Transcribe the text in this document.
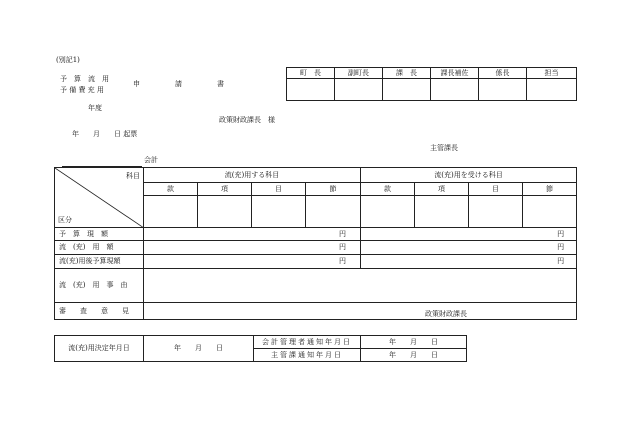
(別記1)
予　算　流　用
予 備 費 充 用
申	請	書
年度
政策財政課長　様
年　　月　　日 起票
主管課長
会計
町　長	副町長	課　長	課長補佐	係長	担当

科目
区分	流(充)用する科目				流(充)用を受ける科目			
	款	項	目	節	款	項	目	節

予　算　現　額	円				円			
流　(充)　用　額	円				円			
流(充)用後予算現額	円				円			
流　(充)　用　事　由								
審　　査　　意　　見	政策財政課長							
流(充)用決定年月日	年　　月　　日	会計管理者通知年月日	年　　月　　日
		主管課通知年月日	年　　月　　日
